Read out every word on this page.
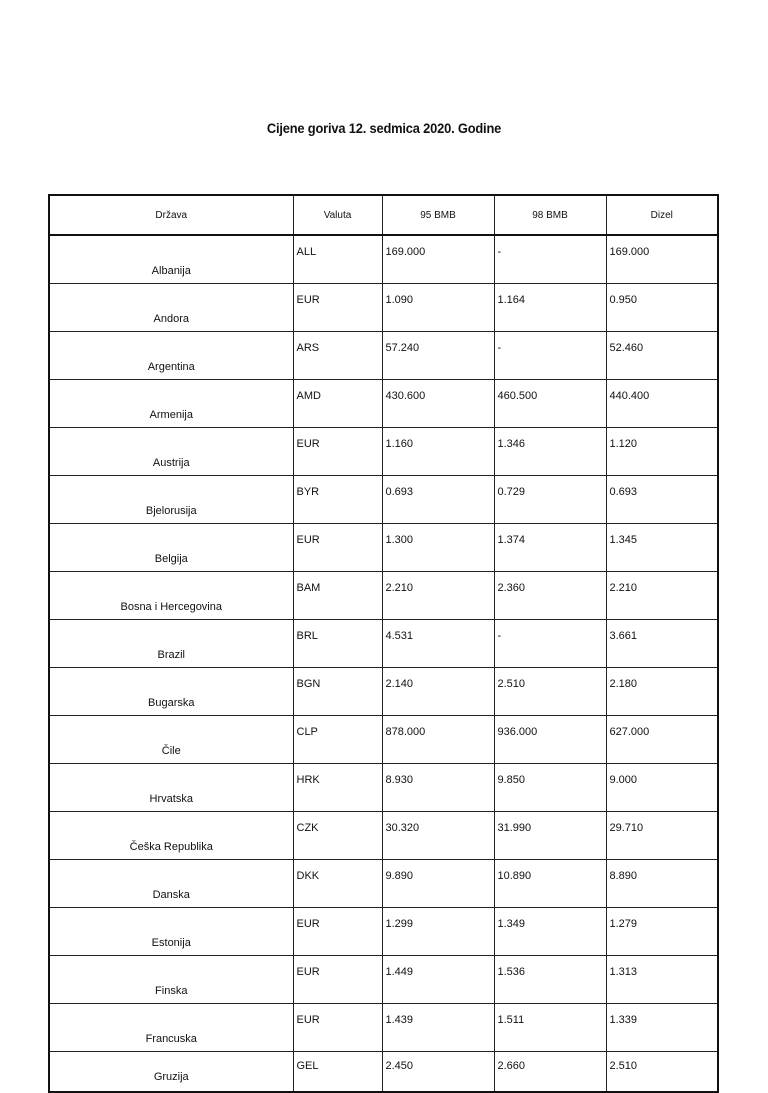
Cijene goriva 12. sedmica 2020. Godine
Država	Valuta	95 BMB	98 BMB	Dizel
Albanija	ALL	169.000	-	169.000
Andora	EUR	1.090	1.164	0.950
Argentina	ARS	57.240	-	52.460
Armenija	AMD	430.600	460.500	440.400
Austrija	EUR	1.160	1.346	1.120
Bjelorusija	BYR	0.693	0.729	0.693
Belgija	EUR	1.300	1.374	1.345
Bosna i Hercegovina	BAM	2.210	2.360	2.210
Brazil	BRL	4.531	-	3.661
Bugarska	BGN	2.140	2.510	2.180
Čile	CLP	878.000	936.000	627.000
Hrvatska	HRK	8.930	9.850	9.000
Češka Republika	CZK	30.320	31.990	29.710
Danska	DKK	9.890	10.890	8.890
Estonija	EUR	1.299	1.349	1.279
Finska	EUR	1.449	1.536	1.313
Francuska	EUR	1.439	1.511	1.339
Gruzija	GEL	2.450	2.660	2.510
